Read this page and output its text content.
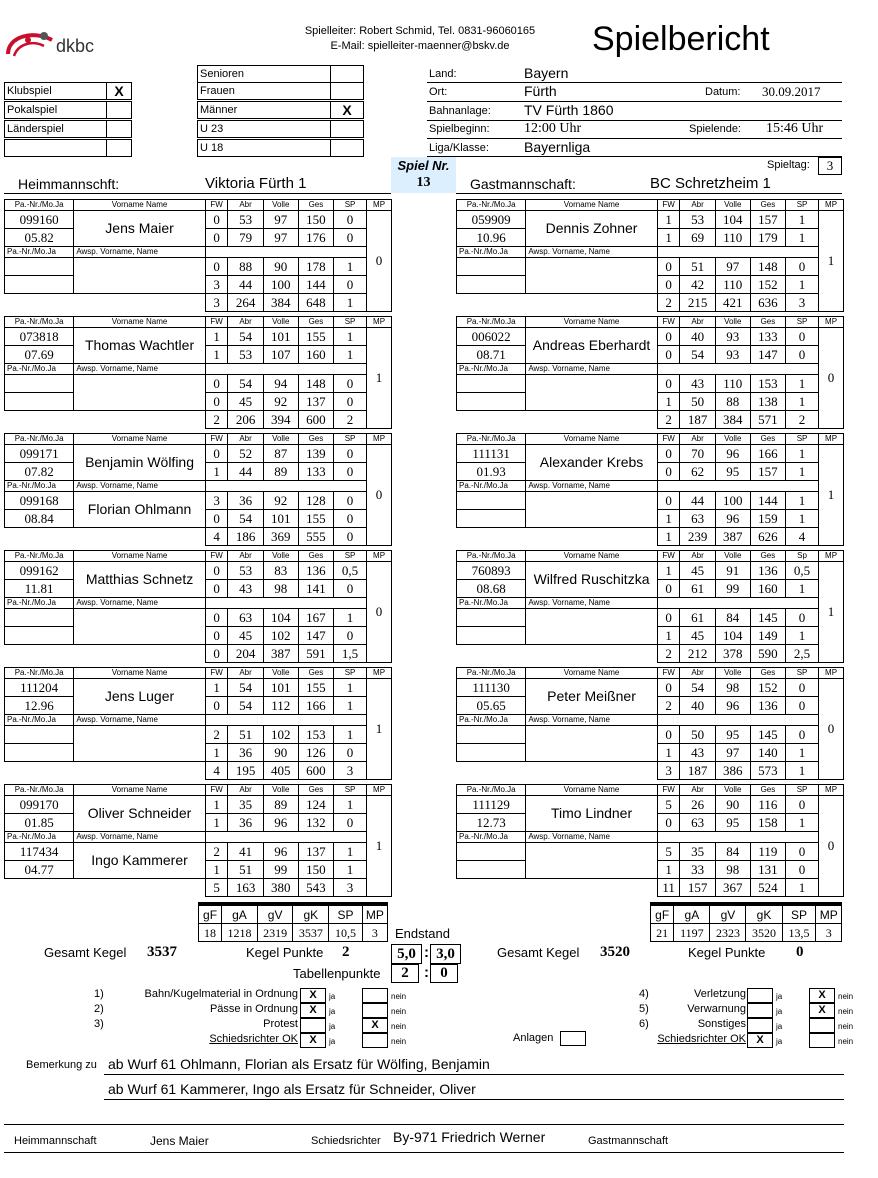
dkbc
Spielleiter: Robert Schmid, Tel. 0831-96060165
E-Mail: spielleiter-maenner@bskv.de	Spielbericht
Klubspiel	X
Pokalspiel
Länderspiel
Senioren
Frauen
Männer	X
U 23
U 18
Land:	Bayern
Ort:	Fürth	Datum: 30.09.2017
Bahnanlage: TV Fürth 1860
Spielbeginn: 12:00 Uhr	Spielende: 15:46 Uhr
Liga/Klasse:	Bayernliga
Spieltag:	3
Spiel Nr.
13
Heimmannschft:	Viktoria Fürth 1	Gastmannschaft:	BC Schretzheim 1
Pa.-Nr./Mo.Ja	Vorname Name	FW	Abr	Volle	Ges	SP	MP
099160	Jens Maier	0	53	97	150	0	0
05.82		0	79	97	176	0	
Pa.-Nr./Mo.Ja	Awsp. Vorname, Name						
		0	88	90	178	1	
		3	44	100	144	0	
		3	264	384	648	1	
Pa.-Nr./Mo.Ja	Vorname Name	FW	Abr	Volle	Ges	SP	MP
073818	Thomas Wachtler	1	54	101	155	1	1
07.69		1	53	107	160	1	
Pa.-Nr./Mo.Ja	Awsp. Vorname, Name						
		0	54	94	148	0	
		0	45	92	137	0	
		2	206	394	600	2	
Pa.-Nr./Mo.Ja	Vorname Name	FW	Abr	Volle	Ges	SP	MP
099171	Benjamin Wölfing	0	52	87	139	0	0
07.82		1	44	89	133	0	
Pa.-Nr./Mo.Ja	Awsp. Vorname, Name						
099168	Florian Ohlmann	3	36	92	128	0	
08.84		0	54	101	155	0	
		4	186	369	555	0	
Pa.-Nr./Mo.Ja	Vorname Name	FW	Abr	Volle	Ges	SP	MP
099162	Matthias Schnetz	0	53	83	136	0,5	0
11.81		0	43	98	141	0	
Pa.-Nr./Mo.Ja	Awsp. Vorname, Name						
		0	63	104	167	1	
		0	45	102	147	0	
		0	204	387	591	1,5	
Pa.-Nr./Mo.Ja	Vorname Name	FW	Abr	Volle	Ges	SP	MP
111204	Jens Luger	1	54	101	155	1	1
12.96		0	54	112	166	1	
Pa.-Nr./Mo.Ja	Awsp. Vorname, Name						
		2	51	102	153	1	
		1	36	90	126	0	
		4	195	405	600	3	
Pa.-Nr./Mo.Ja	Vorname Name	FW	Abr	Volle	Ges	SP	MP
099170	Oliver Schneider	1	35	89	124	1	1
01.85		1	36	96	132	0	
Pa.-Nr./Mo.Ja	Awsp. Vorname, Name						
117434	Ingo Kammerer	2	41	96	137	1	
04.77		1	51	99	150	1	
		5	163	380	543	3	
Pa.-Nr./Mo.Ja	Vorname Name	FW	Abr	Volle	Ges	SP	MP
059909	Dennis Zohner	1	53	104	157	1	1
10.96		1	69	110	179	1	
Pa.-Nr./Mo.Ja	Awsp. Vorname, Name						
		0	51	97	148	0	
		0	42	110	152	1	
		2	215	421	636	3	
Pa.-Nr./Mo.Ja	Vorname Name	FW	Abr	Volle	Ges	SP	MP
006022	Andreas Eberhardt	0	40	93	133	0	0
08.71		0	54	93	147	0	
Pa.-Nr./Mo.Ja	Awsp. Vorname, Name						
		0	43	110	153	1	
		1	50	88	138	1	
		2	187	384	571	2	
Pa.-Nr./Mo.Ja	Vorname Name	FW	Abr	Volle	Ges	SP	MP
111131	Alexander Krebs	0	70	96	166	1	1
01.93		0	62	95	157	1	
Pa.-Nr./Mo.Ja	Awsp. Vorname, Name						
		0	44	100	144	1	
		1	63	96	159	1	
		1	239	387	626	4	
Pa.-Nr./Mo.Ja	Vorname Name	FW	Abr	Volle	Ges	Sp	MP
760893	Wilfred Ruschitzka	1	45	91	136	0,5	1
08.68		0	61	99	160	1	
Pa.-Nr./Mo.Ja	Awsp. Vorname, Name						
		0	61	84	145	0	
		1	45	104	149	1	
		2	212	378	590	2,5	
Pa.-Nr./Mo.Ja	Vorname Name	FW	Abr	Volle	Ges	SP	MP
111130	Peter Meißner	0	54	98	152	0	0
05.65		2	40	96	136	0	
Pa.-Nr./Mo.Ja	Awsp. Vorname, Name						
		0	50	95	145	0	
		1	43	97	140	1	
		3	187	386	573	1	
Pa.-Nr./Mo.Ja	Vorname Name	FW	Abr	Volle	Ges	SP	MP
111129	Timo Lindner	5	26	90	116	0	0
12.73		0	63	95	158	1	
Pa.-Nr./Mo.Ja	Awsp. Vorname, Name						
		5	35	84	119	0	
		1	33	98	131	0	
		11	157	367	524	1	
gF	gA	gV	gK	SP	MP
18	1218	2319	3537	10,5	3
gF	gA	gV	gK	SP	MP
21	1197	2323	3520	13,5	3
Endstand
Gesamt Kegel 3537	Kegel Punkte 2	5,0 : 3,0	Gesamt Kegel 3520	Kegel Punkte 0
Tabellenpunkte	2	: 0
1)	Bahn/Kugelmaterial in Ordnung	X	ja	nein
2)	Pässe in Ordnung	X	ja	nein
3)	Protest	ja	X	nein
Schiedsrichter OK	X	ja	nein
4)	Verletzung	ja	X	nein
5)	Verwarnung	ja	X	nein
6)	Sonstiges	ja	nein
Schiedsrichter OK X	ja	nein
Anlagen
Bemerkung zu ab Wurf 61 Ohlmann, Florian als Ersatz für Wölfing, Benjamin
ab Wurf 61 Kammerer, Ingo als Ersatz für Schneider, Oliver
Heimmannschaft	Jens Maier	Schiedsrichter By-971 Friedrich Werner	Gastmannschaft
